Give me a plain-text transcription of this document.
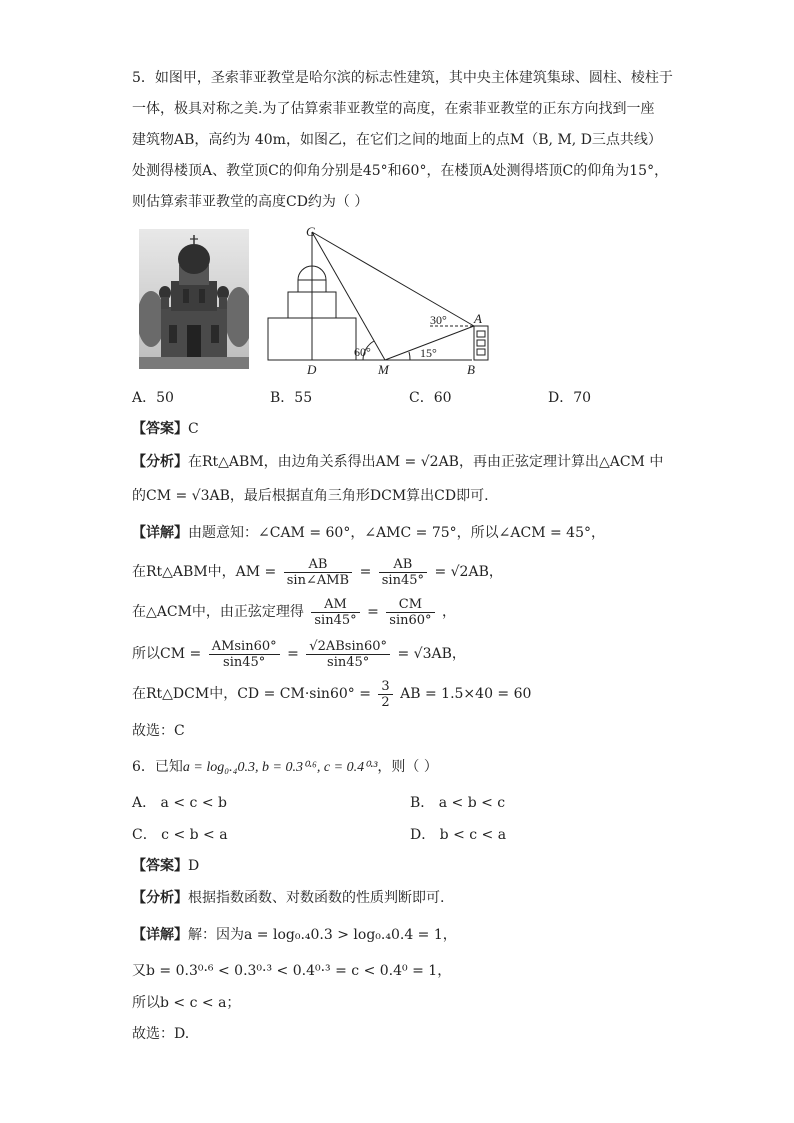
5．如图甲，圣索菲亚教堂是哈尔滨的标志性建筑，其中央主体建筑集球、圆柱、棱柱于
一体，极具对称之美.为了估算索菲亚教堂的高度，在索菲亚教堂的正东方向找到一座
建筑物AB，高约为 40m，如图乙，在它们之间的地面上的点M（B, M, D三点共线）
处测得楼顶A、教堂顶C的仰角分别是45°和60°，在楼顶A处测得塔顶C的仰角为15°，
则估算索菲亚教堂的高度CD约为（ ）
C
A
D	M	B
30°
60°	15°
A．50	B．55	C．60	D．70
【答案】C
【分析】在Rt△ABM，由边角关系得出AM = √2AB，再由正弦定理计算出△ACM 中
的CM = √3AB，最后根据直角三角形DCM算出CD即可.
【详解】由题意知：∠CAM = 60°，∠AMC = 75°，所以∠ACM = 45°，
在Rt△ABM中，AM = $\frac{AB}{\text{sin∠AMB}} = \frac{AB}{\sin 45^\circ} = √2AB$，
在△ACM中，由正弦定理得 $\frac{AM}{\sin 45^\circ} = \frac{CM}{\sin 60^\circ}$ ，
所以CM = $\frac{AMsin60^\circ}{\sin 45^\circ} = \frac{√2ABsin60^\circ}{\sin 45^\circ} = √3AB$，
在Rt△DCM中，CD = $CM\cdot\sin 60^\circ = \frac{3}{2}$ AB = 1.5×40 = 60
故选：C
6．已知a = log₀.₄0.3, b = 0.3⁰·⁶, c = 0.4⁰·³，则（ ）
A． a < c < b	B． a < b < c
C． c < b < a	D． b < c < a
【答案】D
【分析】根据指数函数、对数函数的性质判断即可.
【详解】解：因为a = log₀.₄0.3 > log₀.₄0.4 = 1，
又b = 0.3⁰·⁶ < 0.3⁰·³ < 0.4⁰·³ = c < 0.4⁰ = 1，
所以b < c < a；
故选：D.
